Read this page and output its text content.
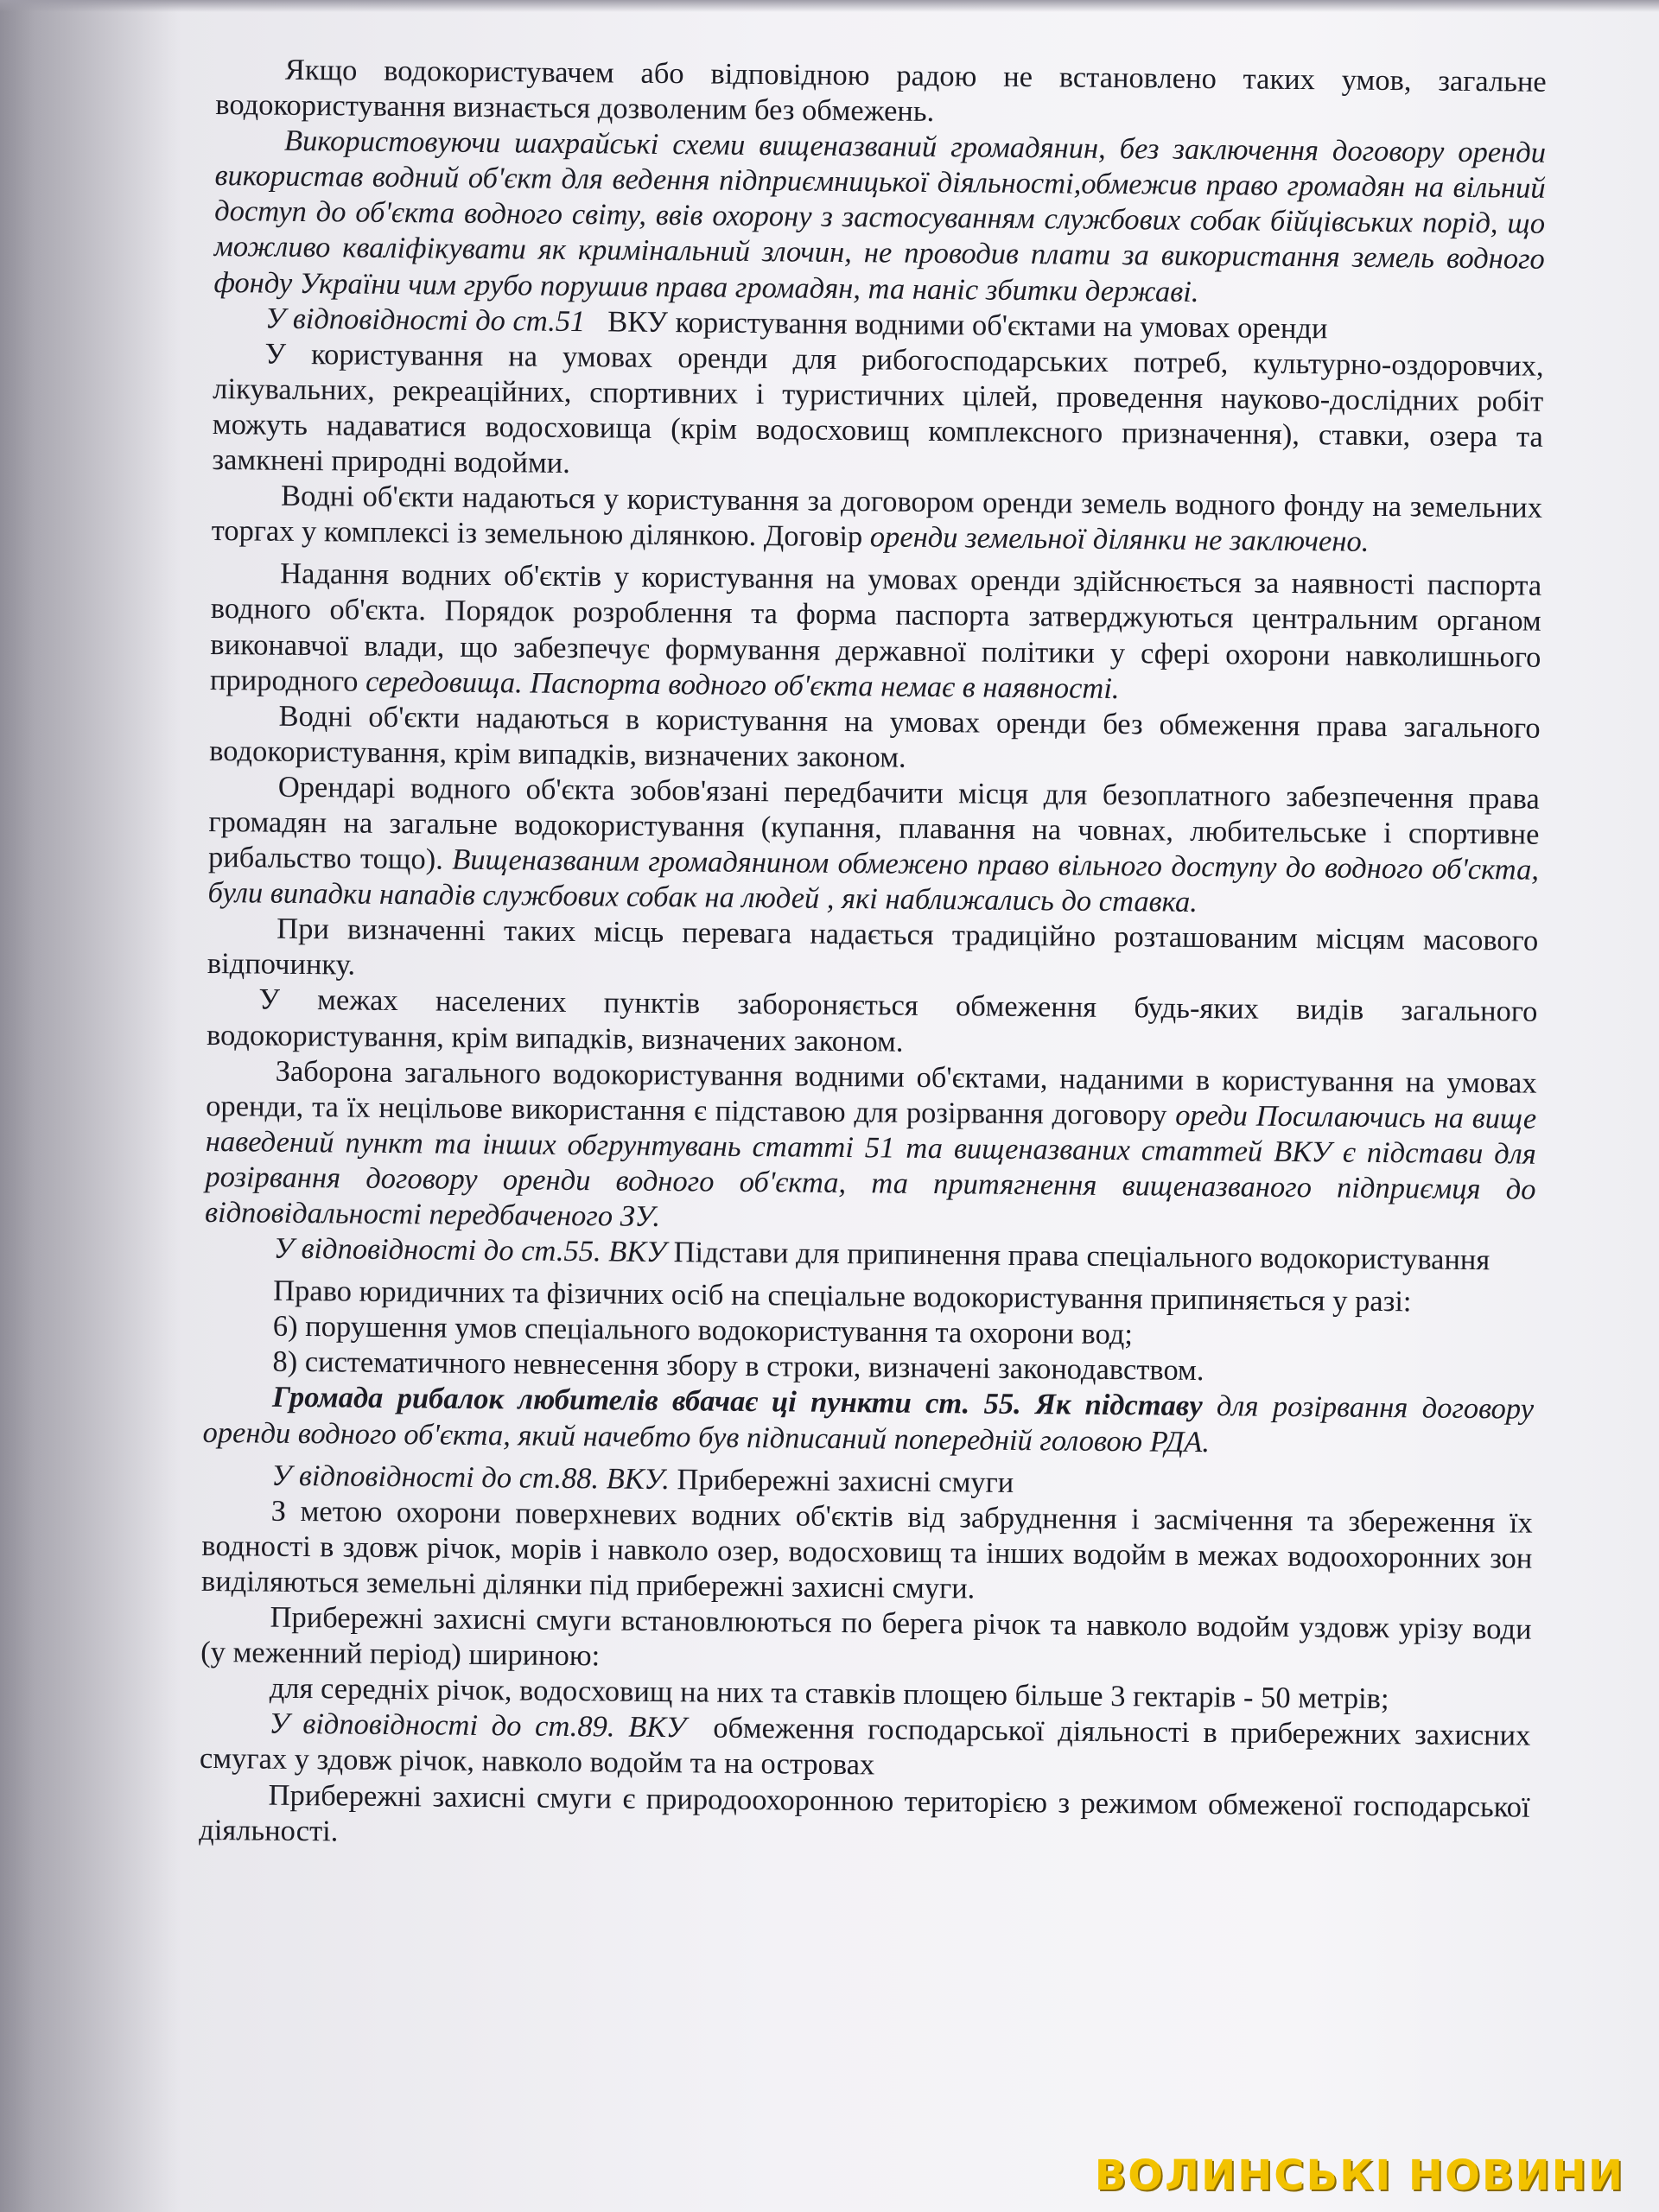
Якщо водокористувачем або відповідною радою не встановлено таких умов, загальне водокористування визнається дозволеним без обмежень.

Використовуючи шахрайські схеми вищеназваний громадянин, без заключення договору оренди використав водний об'єкт для ведення підприємницької діяльності,обмежив право громадян на вільний доступ до об'єкта водного світу, ввів охорону з застосуванням службових собак бійцівських порід, що можливо кваліфікувати як кримінальний злочин, не проводив плати за використання земель водного фонду України чим грубо порушив права громадян, та наніс збитки державі.

У відповідності до ст.51 ВКУ користування водними об'єктами на умовах оренди

У користування на умовах оренди для рибогосподарських потреб, культурно-оздоровчих, лікувальних, рекреаційних, спортивних і туристичних цілей, проведення науково-дослідних робіт можуть надаватися водосховища (крім водосховищ комплексного призначення), ставки, озера та замкнені природні водойми.

Водні об'єкти надаються у користування за договором оренди земель водного фонду на земельних торгах у комплексі із земельною ділянкою. Договір оренди земельної ділянки не заключено.

Надання водних об'єктів у користування на умовах оренди здійснюється за наявності паспорта водного об'єкта. Порядок розроблення та форма паспорта затверджуються центральним органом виконавчої влади, що забезпечує формування державної політики у сфері охорони навколишнього природного середовища. Паспорта водного об'єкта немає в наявності.

Водні об'єкти надаються в користування на умовах оренди без обмеження права загального водокористування, крім випадків, визначених законом.

Орендарі водного об'єкта зобов'язані передбачити місця для безоплатного забезпечення права громадян на загальне водокористування (купання, плавання на човнах, любительське і спортивне рибальство тощо). Вищеназваним громадянином обмежено право вільного доступу до водного об'скта, були випадки нападів службових собак на людей , які наближались до ставка.

При визначенні таких місць перевага надається традиційно розташованим місцям масового відпочинку.

У межах населених пунктів забороняється обмеження будь-яких видів загального водокористування, крім випадків, визначених законом.

Заборона загального водокористування водними об'єктами, наданими в користування на умовах оренди, та їх нецільове використання є підставою для розірвання договору ореди Посилаючись на вище наведений пункт та інших обгрунтувань статті 51 та вищеназваних статтей ВКУ є підстави для розірвання договору оренди водного об'єкта, та притягнення вищеназваного підприємця до відповідальності передбаченого ЗУ.

У відповідності до ст.55. ВКУ Підстави для припинення права спеціального водокористування

Право юридичних та фізичних осіб на спеціальне водокористування припиняється у разі:

6) порушення умов спеціального водокористування та охорони вод;

8) систематичного невнесення збору в строки, визначені законодавством.

Громада рибалок любителів вбачає ці пункти ст. 55. Як підставу для розірвання договору оренди водного об'єкта, який начебто був підписаний попередній головою РДА.

У відповідності до ст.88. ВКУ. Прибережні захисні смуги

З метою охорони поверхневих водних об'єктів від забруднення і засмічення та збереження їх водності в здовж річок, морів і навколо озер, водосховищ та інших водойм в межах водоохоронних зон виділяються земельні ділянки під прибережні захисні смуги.

Прибережні захисні смуги встановлюються по берега річок та навколо водойм уздовж урізу води (у меженний період) шириною:

для середніх річок, водосховищ на них та ставків площею більше 3 гектарів - 50 метрів;

У відповідності до ст.89. ВКУ обмеження господарської діяльності в прибережних захисних смугах у здовж річок, навколо водойм та на островах

Прибережні захисні смуги є природоохоронною територією з режимом обмеженої господарської діяльності.

ВОЛИНСЬКІ НОВИНИ
